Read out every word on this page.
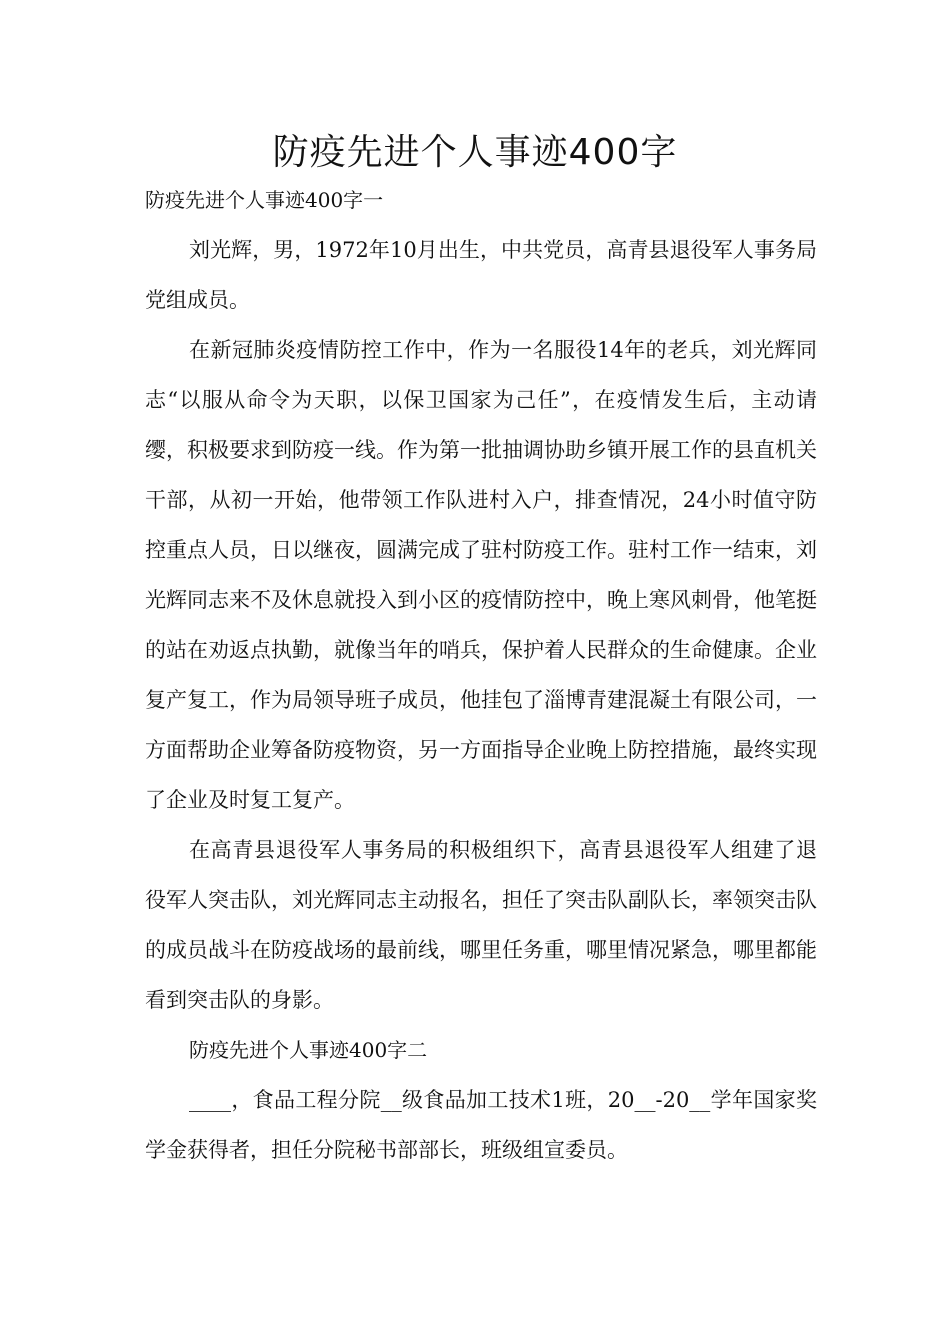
防疫先进个人事迹400字

防疫先进个人事迹400字一

刘光辉，男，1972年10月出生，中共党员，高青县退役军人事务局党组成员。

在新冠肺炎疫情防控工作中，作为一名服役14年的老兵，刘光辉同志“以服从命令为天职，以保卫国家为己任”，在疫情发生后，主动请缨，积极要求到防疫一线。作为第一批抽调协助乡镇开展工作的县直机关干部，从初一开始，他带领工作队进村入户，排查情况，24小时值守防控重点人员，日以继夜，圆满完成了驻村防疫工作。驻村工作一结束，刘光辉同志来不及休息就投入到小区的疫情防控中，晚上寒风刺骨，他笔挺的站在劝返点执勤，就像当年的哨兵，保护着人民群众的生命健康。企业复产复工，作为局领导班子成员，他挂包了淄博青建混凝土有限公司，一方面帮助企业筹备防疫物资，另一方面指导企业晚上防控措施，最终实现了企业及时复工复产。

在高青县退役军人事务局的积极组织下，高青县退役军人组建了退役军人突击队，刘光辉同志主动报名，担任了突击队副队长，率领突击队的成员战斗在防疫战场的最前线，哪里任务重，哪里情况紧急，哪里都能看到突击队的身影。

防疫先进个人事迹400字二

____，食品工程分院__级食品加工技术1班，20__-20__学年国家奖学金获得者，担任分院秘书部部长，班级组宣委员。
